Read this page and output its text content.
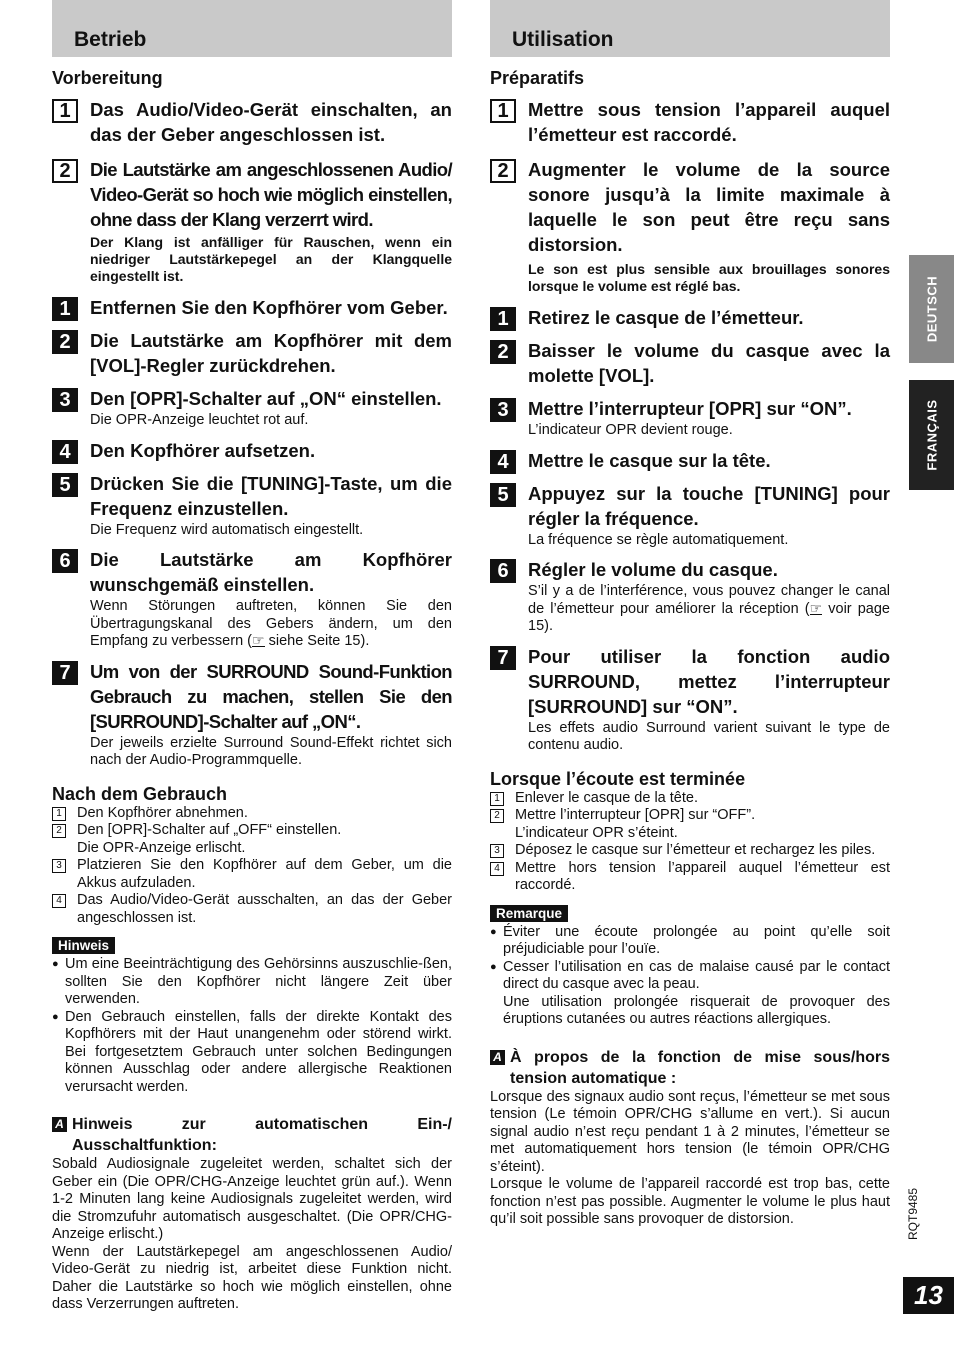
Betrieb
Vorbereitung
1	Das Audio/Video-Gerät einschalten, an das der Geber angeschlossen ist.
2	Die Lautstärke am angeschlossenen Audio/ Video-Gerät so hoch wie möglich einstellen, ohne dass der Klang verzerrt wird.
Der Klang ist anfälliger für Rauschen, wenn ein niedriger Lautstärkepegel an der Klangquelle eingestellt ist.
1	Entfernen Sie den Kopfhörer vom Geber.
2	Die Lautstärke am Kopfhörer mit dem [VOL]-Regler zurückdrehen.
3	Den [OPR]-Schalter auf „ON“ einstellen.
Die OPR-Anzeige leuchtet rot auf.
4	Den Kopfhörer aufsetzen.
5	Drücken Sie die [TUNING]-Taste, um die Frequenz einzustellen.
Die Frequenz wird automatisch eingestellt.
6	Die Lautstärke am Kopfhörer wunschgemäß einstellen.
Wenn Störungen auftreten, können Sie den Übertragungskanal des Gebers ändern, um den Empfang zu verbessern (☞ siehe Seite 15).
7	Um von der SURROUND Sound-Funktion Gebrauch zu machen, stellen Sie den [SURROUND]-Schalter auf „ON“.
Der jeweils erzielte Surround Sound-Effekt richtet sich nach der Audio-Programmquelle.
Nach dem Gebrauch
1 Den Kopfhörer abnehmen.
2 Den [OPR]-Schalter auf „OFF“ einstellen.
Die OPR-Anzeige erlischt.
3 Platzieren Sie den Kopfhörer auf dem Geber, um die Akkus aufzuladen.
4 Das Audio/Video-Gerät ausschalten, an das der Geber angeschlossen ist.
Hinweis
● Um eine Beeinträchtigung des Gehörsinns auszuschlie-ßen, sollten Sie den Kopfhörer nicht längere Zeit über verwenden.
● Den Gebrauch einstellen, falls der direkte Kontakt des Kopfhörers mit der Haut unangenehm oder störend wirkt. Bei fortgesetztem Gebrauch unter solchen Bedingungen können Ausschlag oder andere allergische Reaktionen verursacht werden.
A Hinweis zur automatischen Ein-/ Ausschaltfunktion:
Sobald Audiosignale zugeleitet werden, schaltet sich der Geber ein (Die OPR/CHG-Anzeige leuchtet grün auf.). Wenn 1-2 Minuten lang keine Audiosignals zugeleitet werden, wird die Stromzufuhr automatisch ausgeschaltet. (Die OPR/CHG-Anzeige erlischt.)
Wenn der Lautstärkepegel am angeschlossenen Audio/ Video-Gerät zu niedrig ist, arbeitet diese Funktion nicht. Daher die Lautstärke so hoch wie möglich einstellen, ohne dass Verzerrungen auftreten.
Utilisation
Préparatifs
1	Mettre sous tension l’appareil auquel l’émetteur est raccordé.
2	Augmenter le volume de la source sonore jusqu’à la limite maximale à laquelle le son peut être reçu sans distorsion.
Le son est plus sensible aux brouillages sonores lorsque le volume est réglé bas.
1	Retirez le casque de l’émetteur.
2	Baisser le volume du casque avec la molette [VOL].
3	Mettre l’interrupteur [OPR] sur “ON”.
L’indicateur OPR devient rouge.
4	Mettre le casque sur la tête.
5	Appuyez sur la touche [TUNING] pour régler la fréquence.
La fréquence se règle automatiquement.
6	Régler le volume du casque.
S’il y a de l’interférence, vous pouvez changer le canal de l’émetteur pour améliorer la réception (☞ voir page 15).
7	Pour utiliser la fonction audio SURROUND, mettez l’interrupteur [SURROUND] sur “ON”.
Les effets audio Surround varient suivant le type de contenu audio.
Lorsque l’écoute est terminée
1 Enlever le casque de la tête.
2 Mettre l’interrupteur [OPR] sur “OFF”.
L’indicateur OPR s’éteint.
3 Déposez le casque sur l’émetteur et rechargez les piles.
4 Mettre hors tension l’appareil auquel l’émetteur est raccordé.
Remarque
● Éviter une écoute prolongée au point qu’elle soit préjudiciable pour l’ouïe.
● Cesser l’utilisation en cas de malaise causé par le contact direct du casque avec la peau.
Une utilisation prolongée risquerait de provoquer des éruptions cutanées ou autres réactions allergiques.
A À propos de la fonction de mise sous/hors tension automatique :
Lorsque des signaux audio sont reçus, l’émetteur se met sous tension (Le témoin OPR/CHG s’allume en vert.). Si aucun signal audio n’est reçu pendant 1 à 2 minutes, l’émetteur se met automatiquement hors tension (le témoin OPR/CHG s’éteint).
Lorsque le volume de l’appareil raccordé est trop bas, cette fonction n’est pas possible. Augmenter le volume le plus haut qu’il soit possible sans provoquer de distorsion.
DEUTSCH
FRANÇAIS
RQT9485
13
